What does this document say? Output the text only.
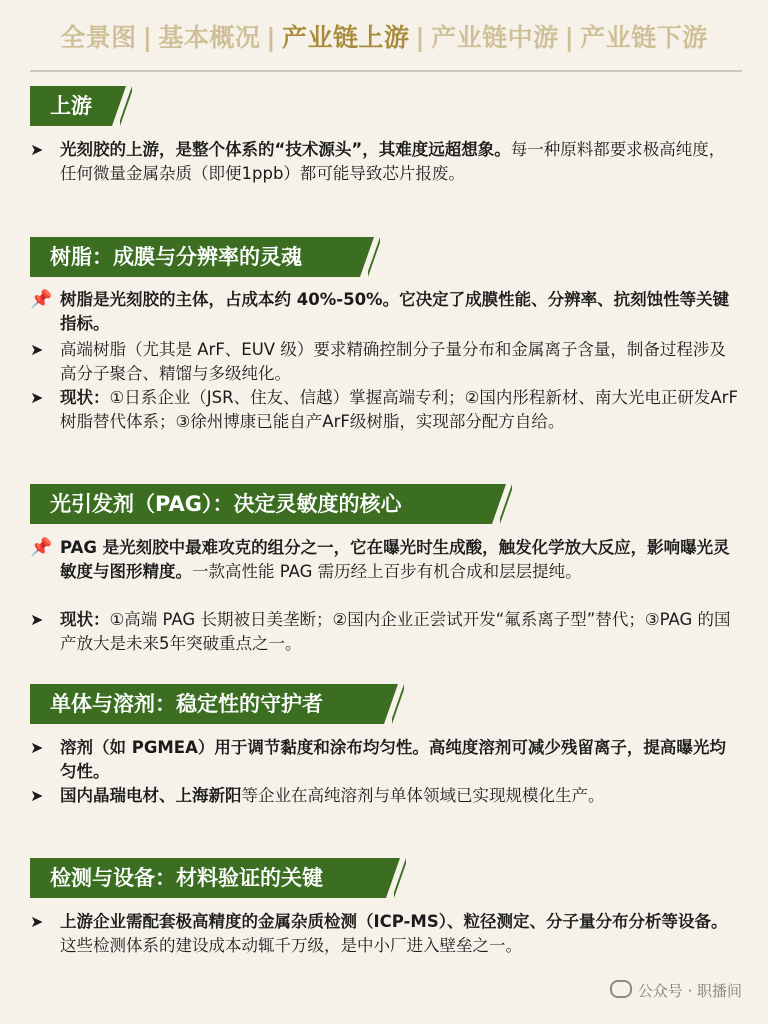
全景图 | 基本概况 | 产业链上游 | 产业链中游 | 产业链下游
上游
➤	光刻胶的上游，是整个体系的“技术源头”，其难度远超想象。每一种原料都要求极高纯度，任何微量金属杂质（即便1ppb）都可能导致芯片报废。
树脂：成膜与分辨率的灵魂
📌 树脂是光刻胶的主体，占成本约 40%-50%。它决定了成膜性能、分辨率、抗刻蚀性等关键指标。
➤	高端树脂（尤其是 ArF、EUV 级）要求精确控制分子量分布和金属离子含量，制备过程涉及高分子聚合、精馏与多级纯化。
➤	现状：①日系企业（JSR、住友、信越）掌握高端专利；②国内彤程新材、南大光电正研发ArF树脂替代体系；③徐州博康已能自产ArF级树脂，实现部分配方自给。
光引发剂（PAG）：决定灵敏度的核心
📌 PAG 是光刻胶中最难攻克的组分之一，它在曝光时生成酸，触发化学放大反应，影响曝光灵敏度与图形精度。一款高性能 PAG 需历经上百步有机合成和层层提纯。
➤	现状：①高端 PAG 长期被日美垄断；②国内企业正尝试开发“氟系离子型”替代；③PAG 的国产放大是未来5年突破重点之一。
单体与溶剂：稳定性的守护者
➤	溶剂（如 PGMEA）用于调节黏度和涂布均匀性。高纯度溶剂可减少残留离子，提高曝光均匀性。
➤	国内晶瑞电材、上海新阳等企业在高纯溶剂与单体领域已实现规模化生产。
检测与设备：材料验证的关键
➤	上游企业需配套极高精度的金属杂质检测（ICP-MS）、粒径测定、分子量分布分析等设备。这些检测体系的建设成本动辄千万级，是中小厂进入壁垒之一。
公众号 · 职播间
